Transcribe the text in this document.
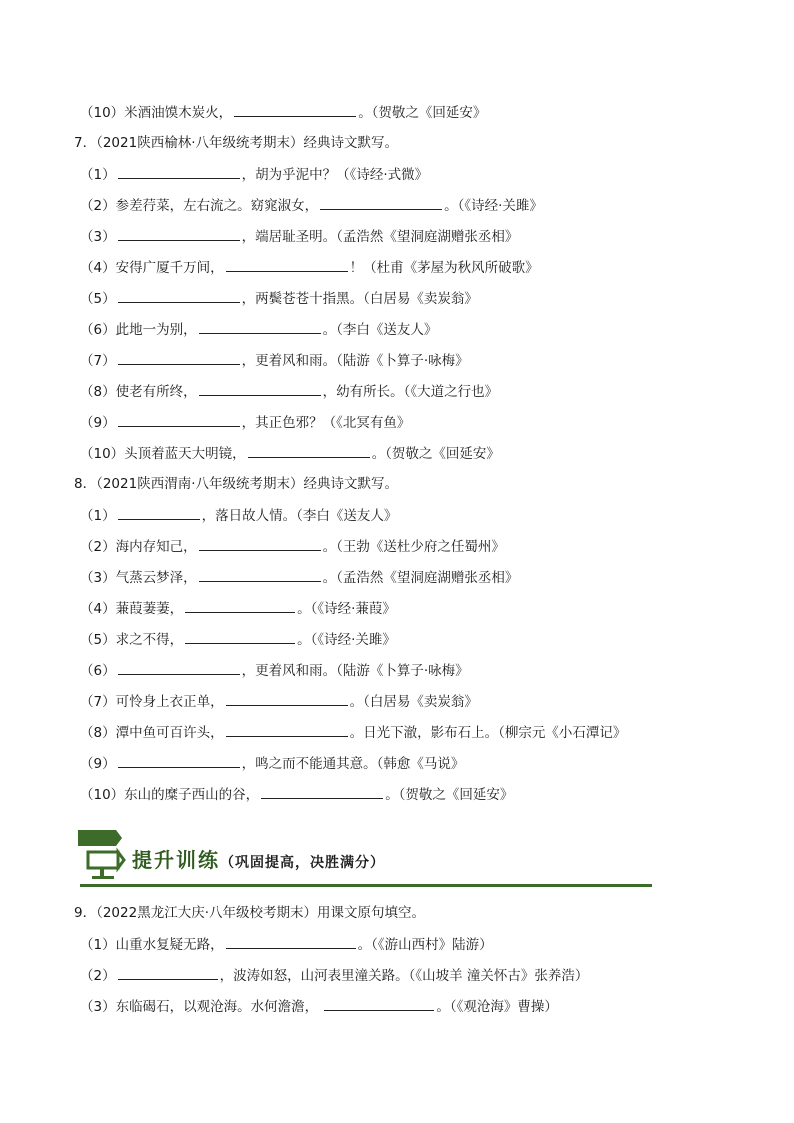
（10）米酒油馍木炭火，	。（贺敬之《回延安》
7．（2021陕西榆林·八年级统考期末）经典诗文默写。
（1）	，胡为乎泥中？（《诗经·式微》
（2）参差荇菜，左右流之。窈窕淑女，	。（《诗经·关雎》
（3）	，端居耻圣明。（孟浩然《望洞庭湖赠张丞相》
（4）安得广厦千万间，	！（杜甫《茅屋为秋风所破歌》
（5）	，两鬓苍苍十指黑。（白居易《卖炭翁》
（6）此地一为别，	。（李白《送友人》
（7）	，更着风和雨。（陆游《卜算子·咏梅》
（8）使老有所终，	，幼有所长。（《大道之行也》
（9）	，其正色邪？（《北冥有鱼》
（10）头顶着蓝天大明镜，	。（贺敬之《回延安》
8．（2021陕西渭南·八年级统考期末）经典诗文默写。
（1）	，落日故人情。（李白《送友人》
（2）海内存知己，	。（王勃《送杜少府之任蜀州》
（3）气蒸云梦泽，	。（孟浩然《望洞庭湖赠张丞相》
（4）蒹葭萋萋，	。（《诗经·蒹葭》
（5）求之不得，	。（《诗经·关雎》
（6）	，更着风和雨。（陆游《卜算子·咏梅》
（7）可怜身上衣正单，	。（白居易《卖炭翁》
（8）潭中鱼可百许头，	。日光下澈，影布石上。（柳宗元《小石潭记》
（9）	，鸣之而不能通其意。（韩愈《马说》
（10）东山的糜子西山的谷，	。（贺敬之《回延安》
提升训练（巩固提高，决胜满分）
9．（2022黑龙江大庆·八年级校考期末）用课文原句填空。
（1）山重水复疑无路，	。（《游山西村》陆游）
（2）	，波涛如怒，山河表里潼关路。（《山坡羊 潼关怀古》张养浩）
（3）东临碣石，以观沧海。水何澹澹，	。（《观沧海》曹操）
